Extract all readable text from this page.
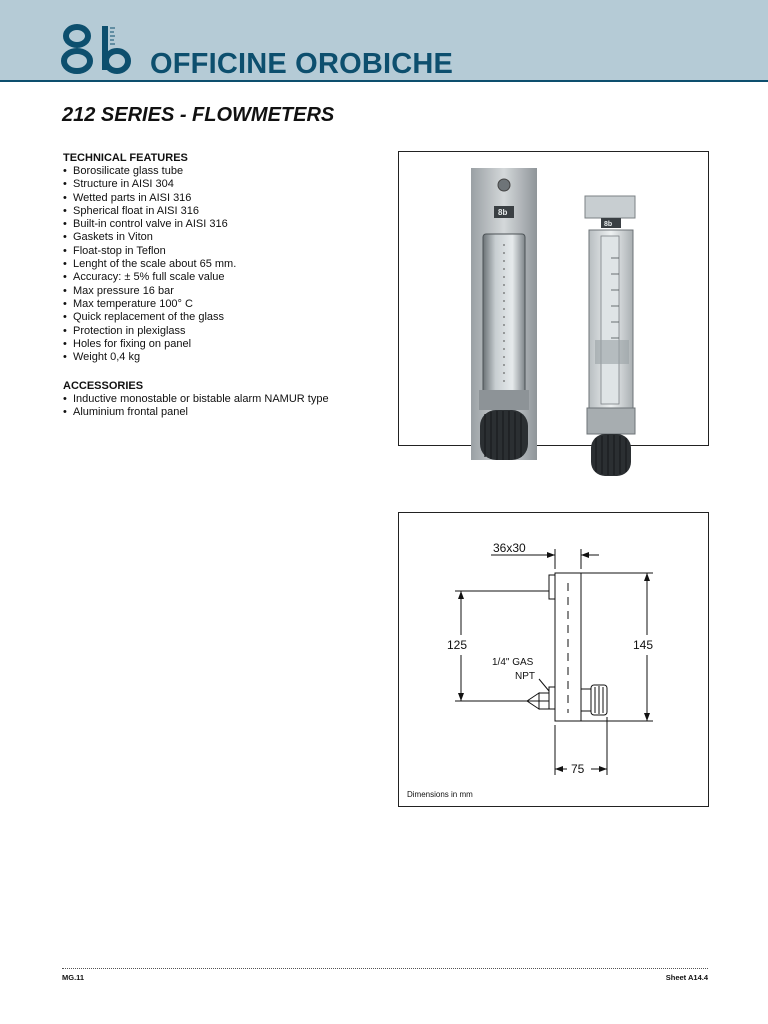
OFFICINE OROBICHE
212 SERIES - FLOWMETERS
TECHNICAL FEATURES
• Borosilicate glass tube
• Structure in AISI 304
• Wetted parts in AISI 316
• Spherical float in AISI 316
• Built-in control valve in AISI 316
• Gaskets in Viton
• Float-stop in Teflon
• Lenght of the scale about 65 mm.
• Accuracy: ± 5% full scale value
• Max pressure 16 bar
• Max temperature 100° C
• Quick replacement of the glass
• Protection in plexiglass
• Holes for fixing on panel
• Weight 0,4 kg
ACCESSORIES
• Inductive monostable or bistable alarm NAMUR type
• Aluminium frontal panel
8b
8b
36x30
125	145
1/4" GAS
NPT
75
Dimensions in mm
MG.11	Sheet A14.4
